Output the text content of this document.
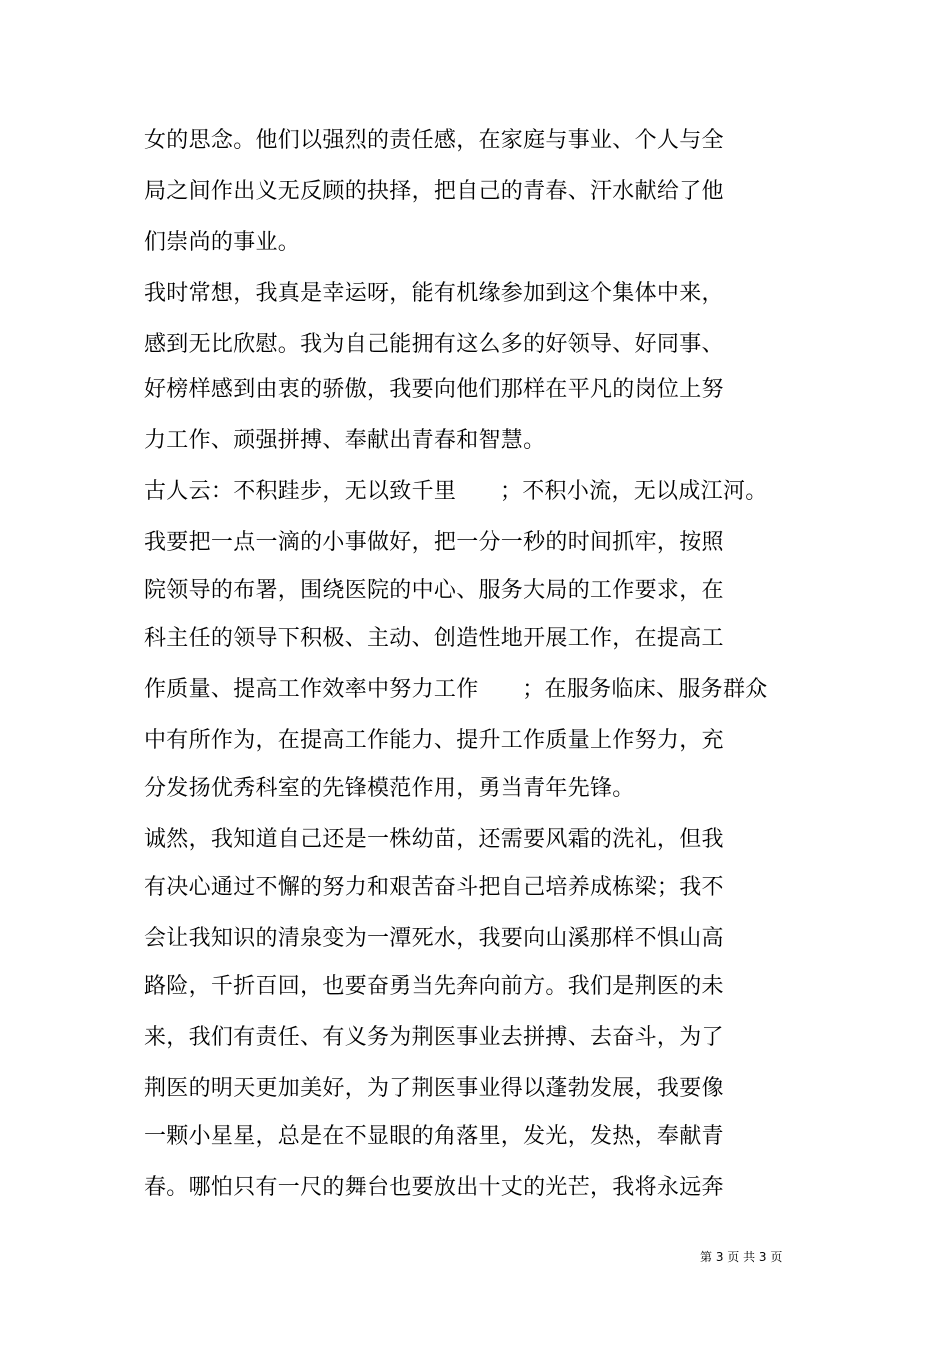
女的思念。他们以强烈的责任感，在家庭与事业、个人与全
局之间作出义无反顾的抉择，把自己的青春、汗水献给了他
们崇尚的事业。
我时常想，我真是幸运呀，能有机缘参加到这个集体中来，
感到无比欣慰。我为自己能拥有这么多的好领导、好同事、
好榜样感到由衷的骄傲，我要向他们那样在平凡的岗位上努
力工作、顽强拼搏、奉献出青春和智慧。
古人云：不积跬步，无以致千里      ；不积小流，无以成江河。
我要把一点一滴的小事做好，把一分一秒的时间抓牢，按照
院领导的布署，围绕医院的中心、服务大局的工作要求，在
科主任的领导下积极、主动、创造性地开展工作，在提高工
作质量、提高工作效率中努力工作      ；在服务临床、服务群众
中有所作为，在提高工作能力、提升工作质量上作努力，充
分发扬优秀科室的先锋模范作用，勇当青年先锋。
诚然，我知道自己还是一株幼苗，还需要风霜的洗礼，但我
有决心通过不懈的努力和艰苦奋斗把自己培养成栋梁；我不
会让我知识的清泉变为一潭死水，我要向山溪那样不惧山高
路险，千折百回，也要奋勇当先奔向前方。我们是荆医的未
来，我们有责任、有义务为荆医事业去拼搏、去奋斗，为了
荆医的明天更加美好，为了荆医事业得以蓬勃发展，我要像
一颗小星星，总是在不显眼的角落里，发光，发热，奉献青
春。哪怕只有一尺的舞台也要放出十丈的光芒，我将永远奔
第 3 页 共 3 页
